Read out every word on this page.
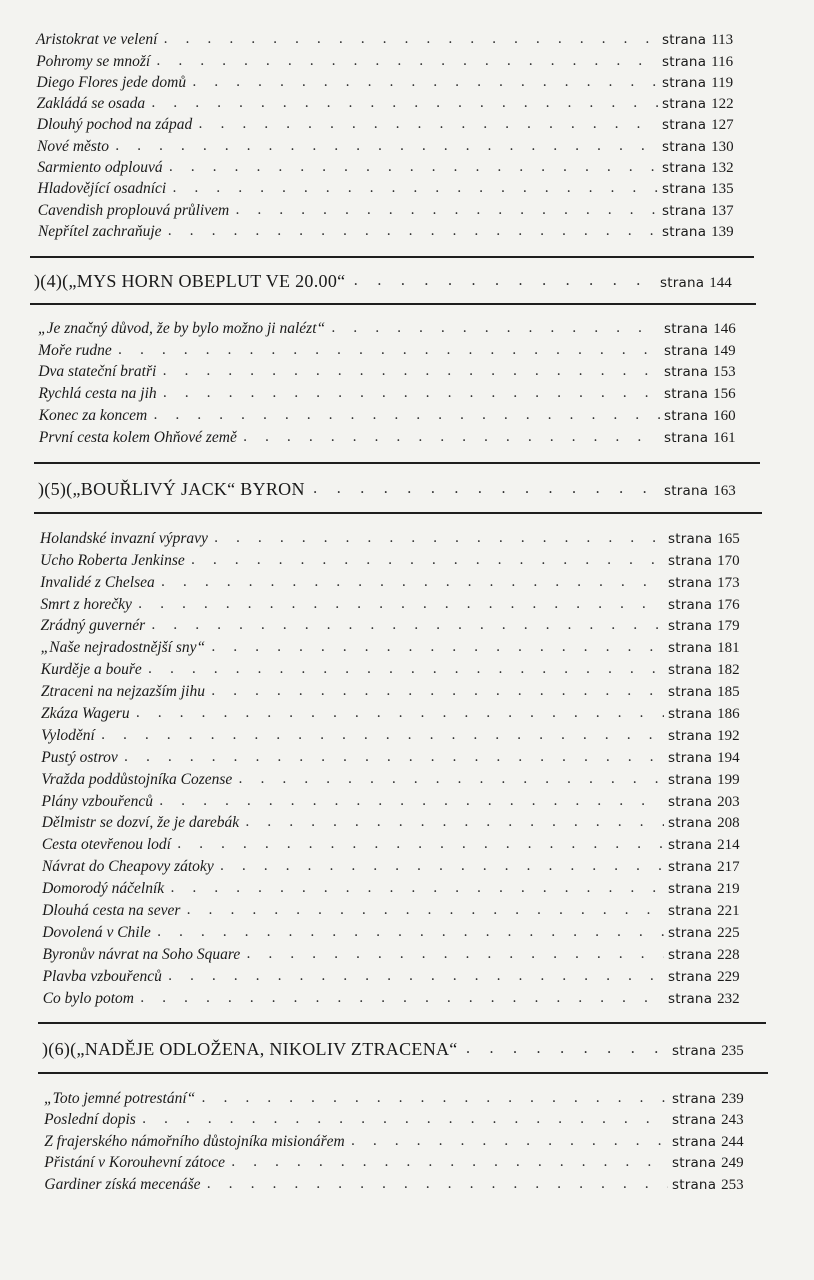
Aristokrat ve velení . . .	strana 113
Pohromy se množí . . .	strana 116
Diego Flores jede domů . . .	strana 119
Zakládá se osada . . .	strana 122
Dlouhý pochod na západ . . .	strana 127
Nové město . . .	strana 130
Sarmiento odplouvá . . .	strana 132
Hladovějící osadníci . . .	strana 135
Cavendish proplouvá průlivem . . .	strana 137
Nepřítel zachraňuje . . .	strana 139
)(4)(„MYS HORN OBEPLUT VE 20.00“ . . .	strana 144
„Je značný důvod, že by bylo možno ji nalézt“ . . .	strana 146
Moře rudne . . .	strana 149
Dva stateční bratři . . .	strana 153
Rychlá cesta na jih . . .	strana 156
Konec za koncem . . .	strana 160
První cesta kolem Ohňové země . . .	strana 161
)(5)(„BOUŘLIVÝ JACK“ BYRON . . .	strana 163
Holandské invazní výpravy . . .	strana 165
Ucho Roberta Jenkinse . . .	strana 170
Invalidé z Chelsea . . .	strana 173
Smrt z horečky . . .	strana 176
Zrádný guvernér . . .	strana 179
„Naše nejradostnější sny“ . . .	strana 181
Kurděje a bouře . . .	strana 182
Ztraceni na nejzazším jihu . . .	strana 185
Zkáza Wageru . . .	strana 186
Vylodění . . .	strana 192
Pustý ostrov . . .	strana 194
Vražda poddůstojníka Cozense . . .	strana 199
Plány vzbouřenců . . .	strana 203
Dělmistr se dozví, že je darebák . . .	strana 208
Cesta otevřenou lodí . . .	strana 214
Návrat do Cheapovy zátoky . . .	strana 217
Domorodý náčelník . . .	strana 219
Dlouhá cesta na sever . . .	strana 221
Dovolená v Chile . . .	strana 225
Byronův návrat na Soho Square . . .	strana 228
Plavba vzbouřenců . . .	strana 229
Co bylo potom . . .	strana 232
)(6)(„NADĚJE ODLOŽENA, NIKOLIV ZTRACENA“ . . .	strana 235
„Toto jemné potrestání“ . . .	strana 239
Poslední dopis . . .	strana 243
Z frajerského námořního důstojníka misionářem . . .	strana 244
Přistání v Korouhevní zátoce . . .	strana 249
Gardiner získá mecenáše . . .	strana 253
